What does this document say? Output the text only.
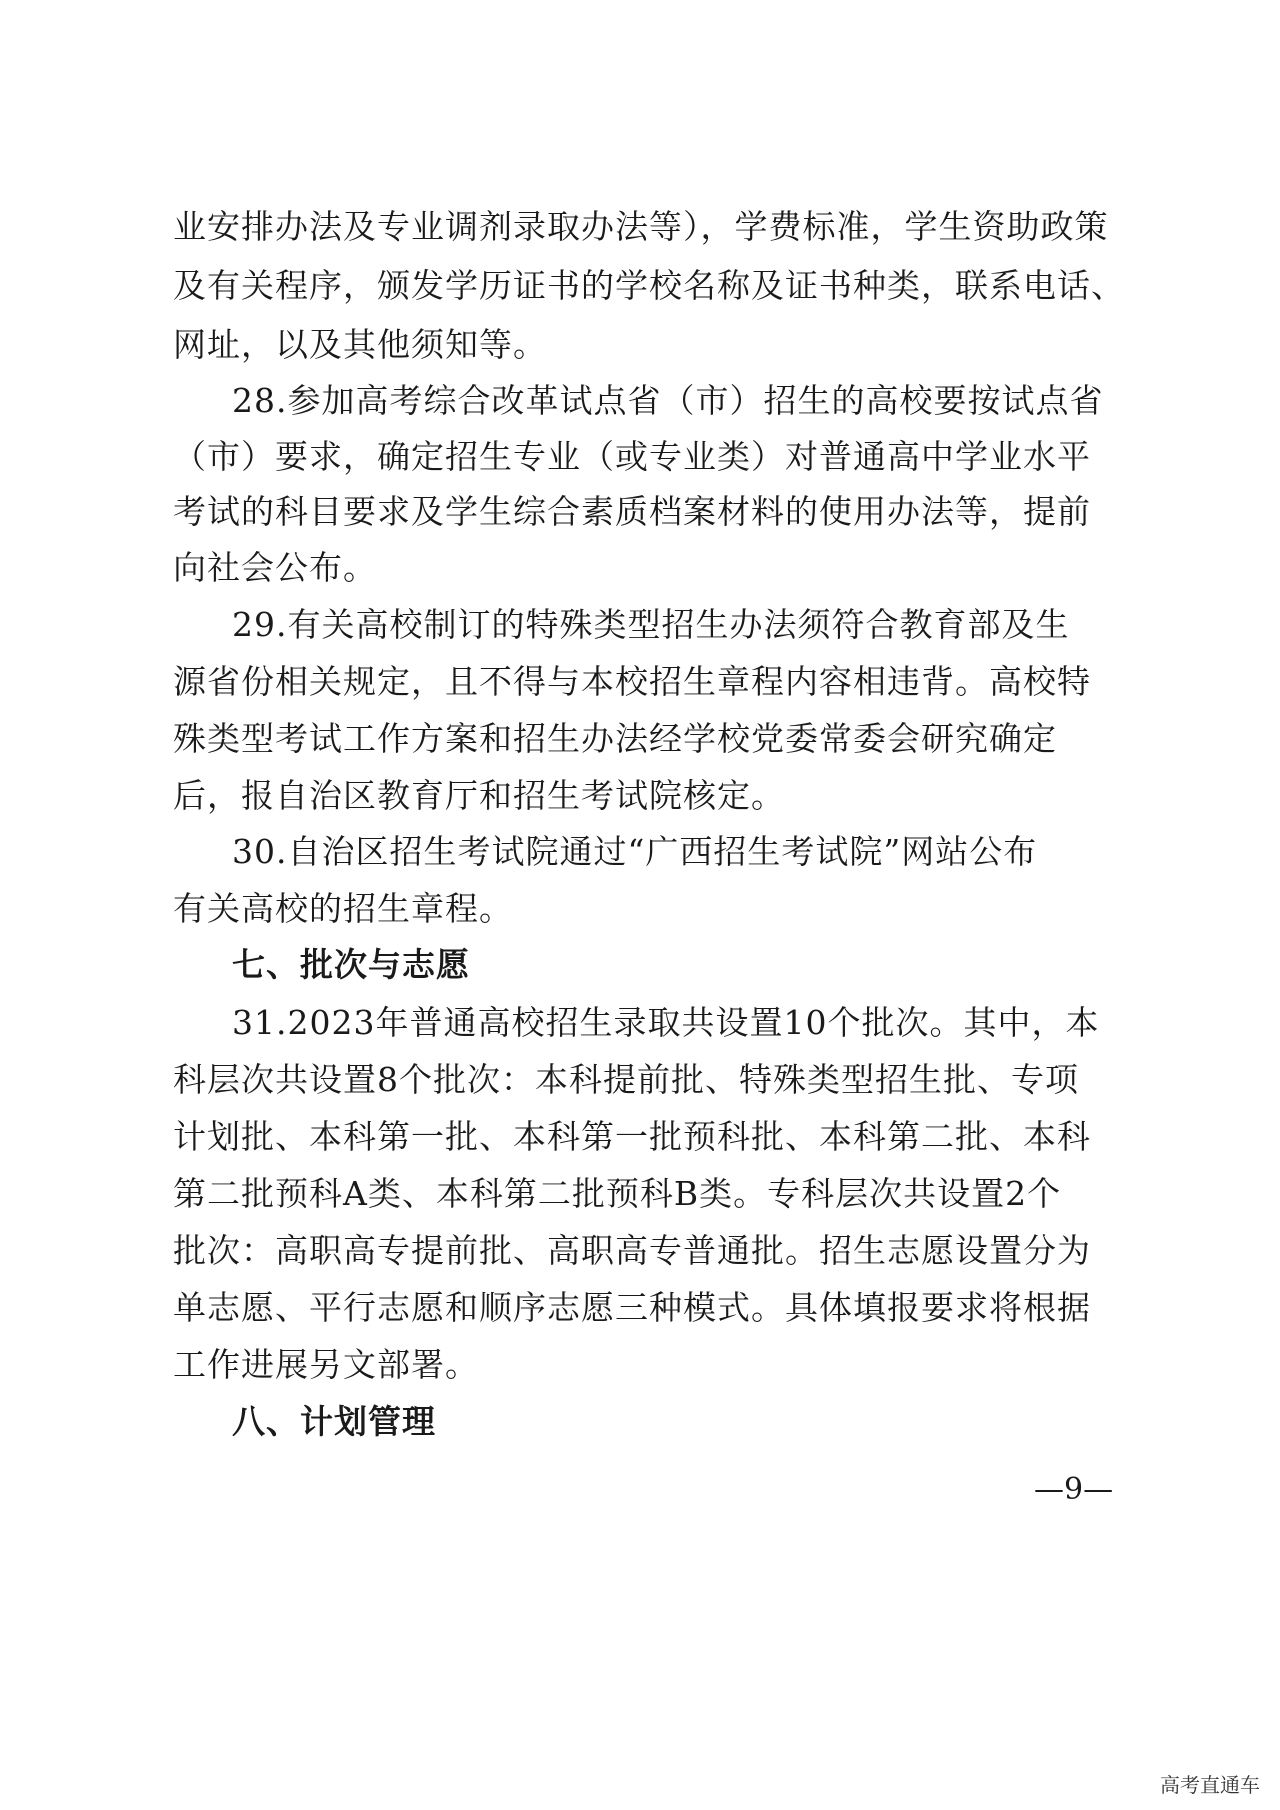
业安排办法及专业调剂录取办法等），学费标准，学生资助政策
及有关程序，颁发学历证书的学校名称及证书种类，联系电话、
网址，以及其他须知等。
28.参加高考综合改革试点省（市）招生的高校要按试点省
（市）要求，确定招生专业（或专业类）对普通高中学业水平
考试的科目要求及学生综合素质档案材料的使用办法等，提前
向社会公布。
29.有关高校制订的特殊类型招生办法须符合教育部及生
源省份相关规定，且不得与本校招生章程内容相违背。高校特
殊类型考试工作方案和招生办法经学校党委常委会研究确定
后，报自治区教育厅和招生考试院核定。
30.自治区招生考试院通过“广西招生考试院”网站公布
有关高校的招生章程。
七、批次与志愿
31.2023年普通高校招生录取共设置10个批次。其中，本
科层次共设置8个批次：本科提前批、特殊类型招生批、专项
计划批、本科第一批、本科第一批预科批、本科第二批、本科
第二批预科A类、本科第二批预科B类。专科层次共设置2个
批次：高职高专提前批、高职高专普通批。招生志愿设置分为
单志愿、平行志愿和顺序志愿三种模式。具体填报要求将根据
工作进展另文部署。
八、计划管理
—9—
高考直通车
